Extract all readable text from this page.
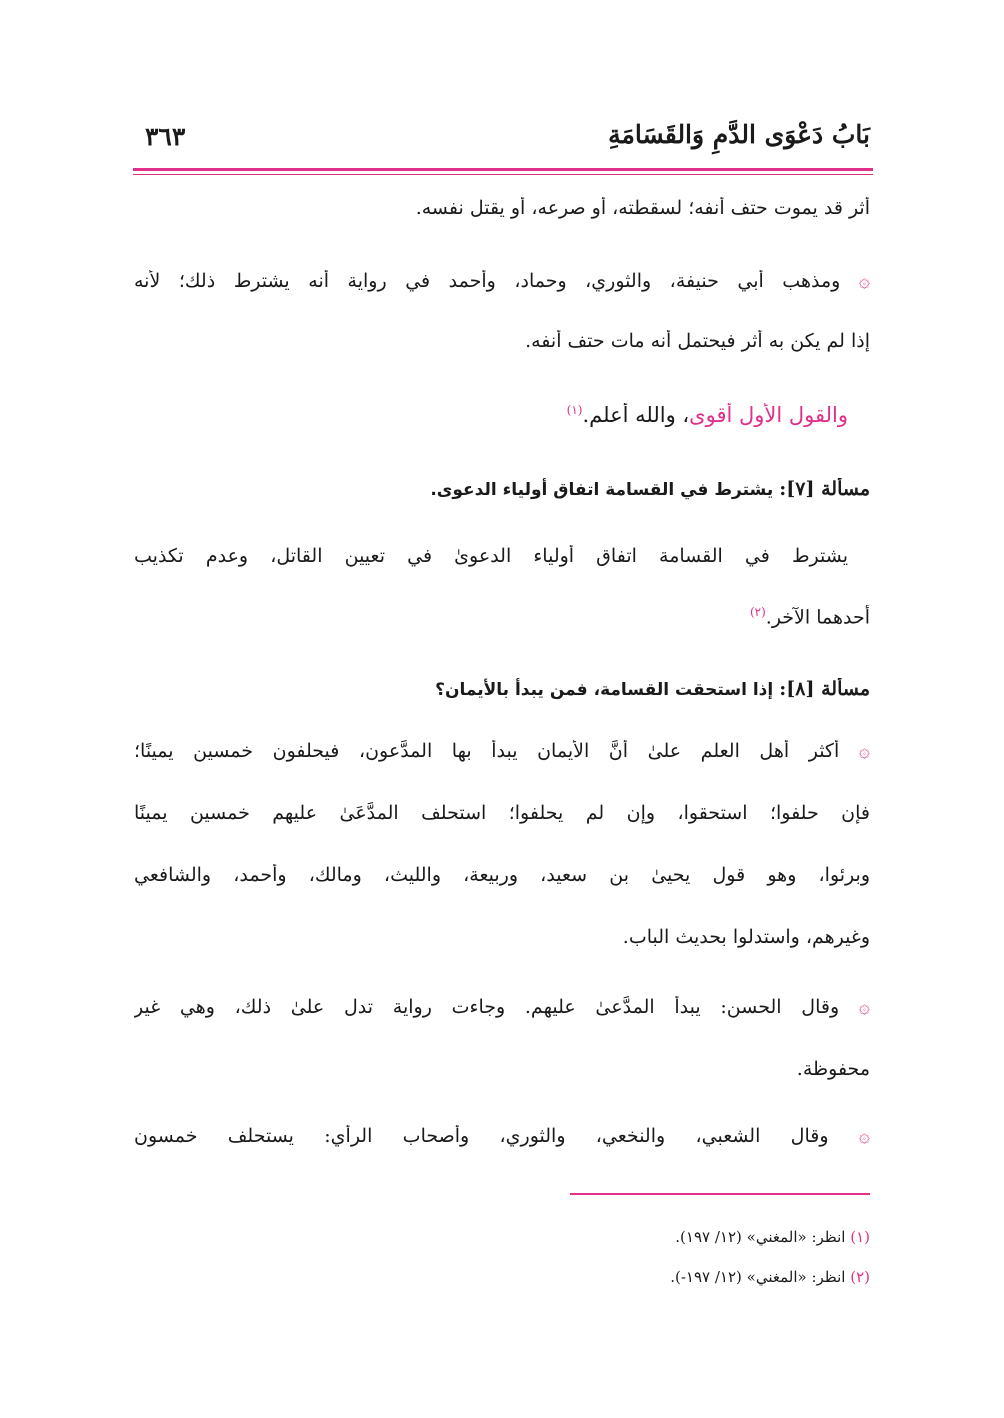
بَابُ دَعْوَى الدَّمِ وَالقَسَامَةِ
٣٦٣
أثر قد يموت حتف أنفه؛ لسقطته، أو صرعه، أو يقتل نفسه.
۞ ومذهب أبي حنيفة، والثوري، وحماد، وأحمد في رواية أنه يشترط ذلك؛ لأنه
إذا لم يكن به أثر فيحتمل أنه مات حتف أنفه.
والقول الأول أقوى، والله أعلم.$^{(١)}$
مسألة [٧]: يشترط في القسامة اتفاق أولياء الدعوى.
يشترط في القسامة اتفاق أولياء الدعوىٰ في تعيين القاتل، وعدم تكذيب
أحدهما الآخر.$^{(٢)}$
مسألة [٨]: إذا استحقت القسامة، فمن يبدأ بالأيمان؟
۞ أكثر أهل العلم علىٰ أنَّ الأيمان يبدأ بها المدَّعون، فيحلفون خمسين يمينًا؛
فإن حلفوا؛ استحقوا، وإن لم يحلفوا؛ استحلف المدَّعَىٰ عليهم خمسين يمينًا
وبرئوا، وهو قول يحيىٰ بن سعيد، وربيعة، والليث، ومالك، وأحمد، والشافعي
وغيرهم، واستدلوا بحديث الباب.
۞ وقال الحسن: يبدأ المدَّعىٰ عليهم. وجاءت رواية تدل علىٰ ذلك، وهي غير
محفوظة.
۞ وقال الشعبي، والنخعي، والثوري، وأصحاب الرأي: يستحلف خمسون
(١) انظر: «المغني» (١٢/ ١٩٧).
(٢) انظر: «المغني» (١٢/ ١٩٧-).
